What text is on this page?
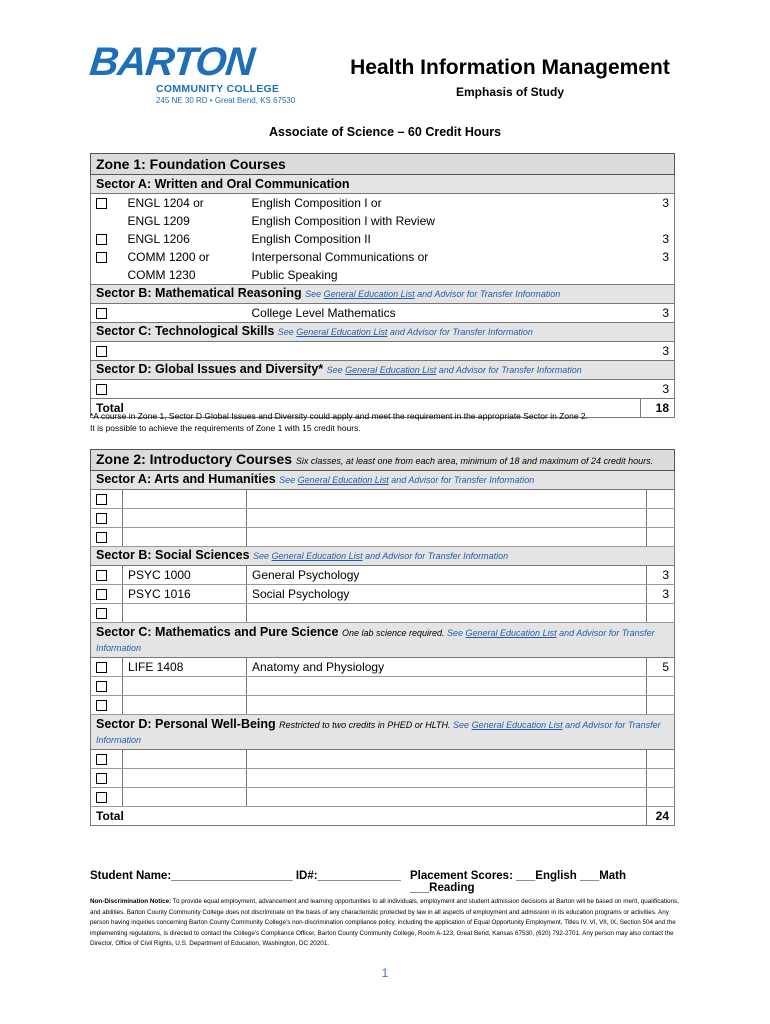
BARTON
COMMUNITY COLLEGE
245 NE 30 RD • Great Bend, KS 67530
Health Information Management
Emphasis of Study
Associate of Science – 60 Credit Hours
Zone 1: Foundation Courses			
Sector A: Written and Oral Communication			
	ENGL 1204 or	English Composition I or	3
	ENGL 1209	English Composition I with Review	
	ENGL 1206	English Composition II	3
	COMM 1200 or	Interpersonal Communications or	3
	COMM 1230	Public Speaking	
Sector B: Mathematical Reasoning See General Education List and Advisor for Transfer Information			
		College Level Mathematics	3
Sector C: Technological Skills See General Education List and Advisor for Transfer Information			
			3
Sector D: Global Issues and Diversity* See General Education List and Advisor for Transfer Information			
			3
Total			18
*A course in Zone 1, Sector D Global Issues and Diversity could apply and meet the requirement in the appropriate Sector in Zone 2.
It is possible to achieve the requirements of Zone 1 with 15 credit hours.
Zone 2: Introductory Courses Six classes, at least one from each area, minimum of 18 and maximum of 24 credit hours.			
Sector A: Arts and Humanities See General Education List and Advisor for Transfer Information			

Sector B: Social Sciences See General Education List and Advisor for Transfer Information			
	PSYC 1000	General Psychology	3
	PSYC 1016	Social Psychology	3

Sector C: Mathematics and Pure Science One lab science required. See General Education List and Advisor for Transfer Information			
	LIFE 1408	Anatomy and Physiology	5

Sector D: Personal Well-Being Restricted to two credits in PHED or HLTH. See General Education List and Advisor for Transfer Information			

Total			24
Student Name:___________________ ID#:_____________ Placement Scores: ___English ___Math ___Reading
Non-Discrimination Notice: To provide equal employment, advancement and learning opportunities to all individuals, employment and student admission decisions at Barton will be based on merit, qualifications, and abilities. Barton County Community College does not discriminate on the basis of any characteristic protected by law in all aspects of employment and admission in its education programs or activities. Any person having inquiries concerning Barton County Community College's non-discrimination compliance policy, including the application of Equal Opportunity Employment, Titles IV, VI, VII, IX, Section 504 and the implementing regulations, is directed to contact the College's Compliance Officer, Barton County Community College, Room A-123, Great Bend, Kansas 67530, (620) 792-2701. Any person may also contact the Director, Office of Civil Rights, U.S. Department of Education, Washington, DC 20201.
1
